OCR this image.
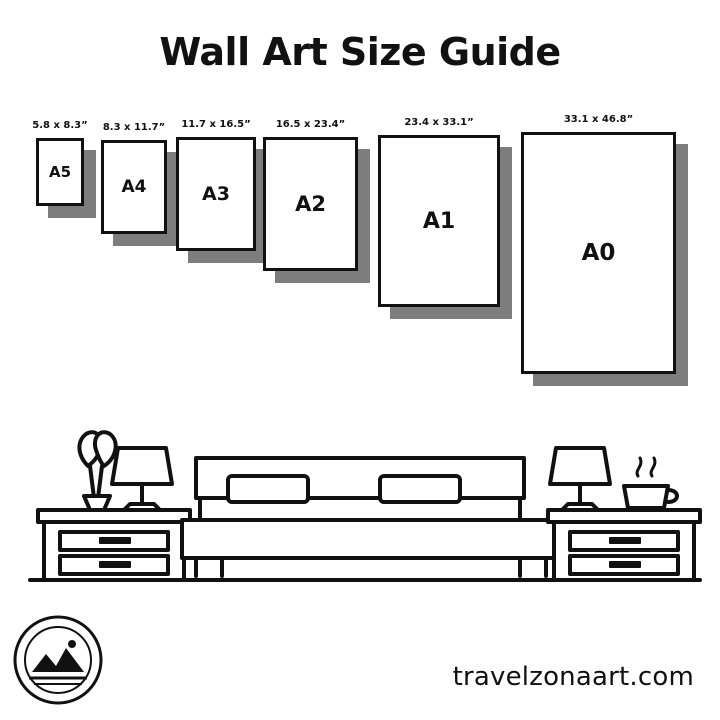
Wall Art Size Guide
A5
5.8 x 8.3”
A4
8.3 x 11.7”
A3
11.7 x 16.5”
A2
16.5 x 23.4”
A1
23.4 x 33.1”
A0
33.1 x 46.8”
travelzonaart.com
